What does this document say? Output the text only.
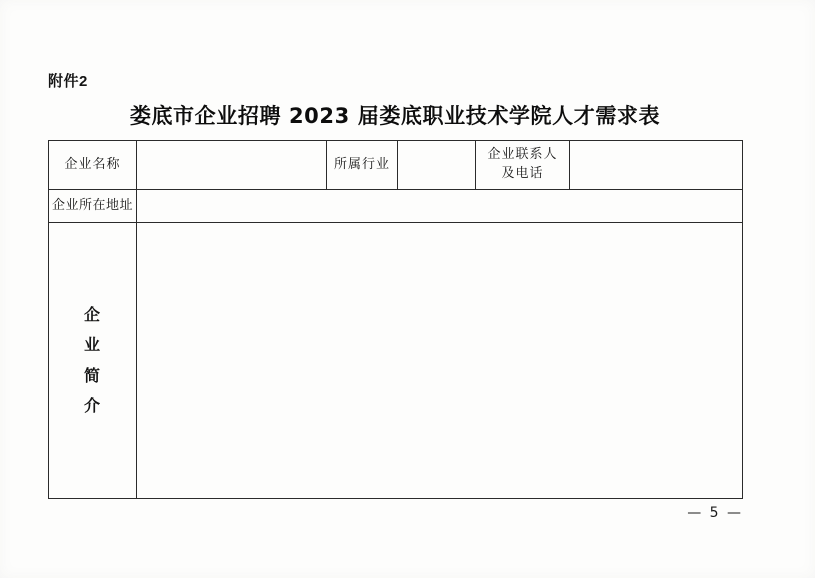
附件2
娄底市企业招聘 2023 届娄底职业技术学院人才需求表
企业名称		所属行业		企业联系人
及电话	

企业所在地址					

企
业
简
介					

— 5 —
